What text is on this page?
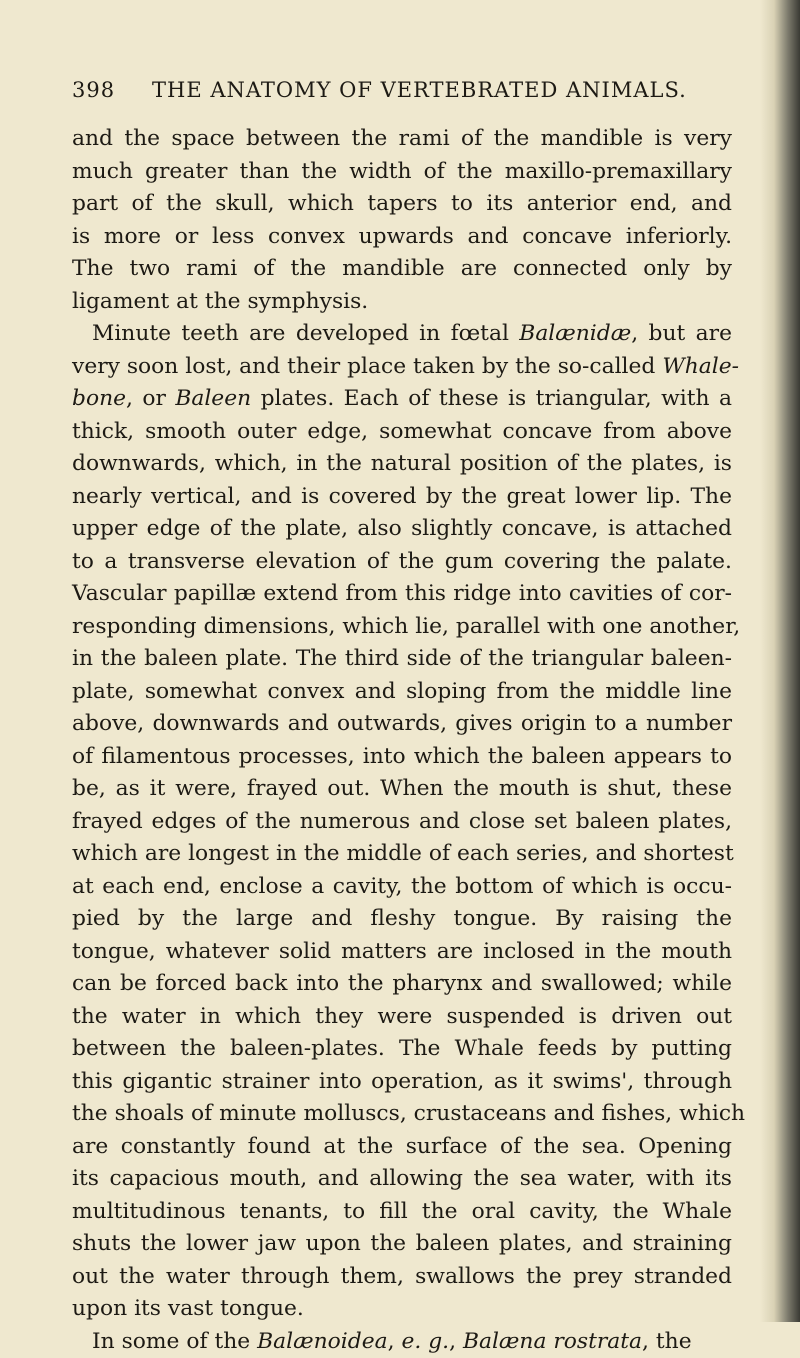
398 THE ANATOMY OF VERTEBRATED ANIMALS.
and the space between the rami of the mandible is very
much greater than the width of the maxillo-premaxillary
part of the skull, which tapers to its anterior end, and
is more or less convex upwards and concave inferiorly.
The two rami of the mandible are connected only by
ligament at the symphysis.
Minute teeth are developed in fœtal Balænidæ, but are
very soon lost, and their place taken by the so-called Whale-
bone, or Baleen plates. Each of these is triangular, with a
thick, smooth outer edge, somewhat concave from above
downwards, which, in the natural position of the plates, is
nearly vertical, and is covered by the great lower lip. The
upper edge of the plate, also slightly concave, is attached
to a transverse elevation of the gum covering the palate.
Vascular papillæ extend from this ridge into cavities of cor-
responding dimensions, which lie, parallel with one another,
in the baleen plate. The third side of the triangular baleen-
plate, somewhat convex and sloping from the middle line
above, downwards and outwards, gives origin to a number
of filamentous processes, into which the baleen appears to
be, as it were, frayed out. When the mouth is shut, these
frayed edges of the numerous and close set baleen plates,
which are longest in the middle of each series, and shortest
at each end, enclose a cavity, the bottom of which is occu-
pied by the large and fleshy tongue. By raising the
tongue, whatever solid matters are inclosed in the mouth
can be forced back into the pharynx and swallowed; while
the water in which they were suspended is driven out
between the baleen-plates. The Whale feeds by putting
this gigantic strainer into operation, as it swims', through
the shoals of minute molluscs, crustaceans and fishes, which
are constantly found at the surface of the sea. Opening
its capacious mouth, and allowing the sea water, with its
multitudinous tenants, to fill the oral cavity, the Whale
shuts the lower jaw upon the baleen plates, and straining
out the water through them, swallows the prey stranded
upon its vast tongue.
In some of the Balænoidea, e. g., Balæna rostrata, the
